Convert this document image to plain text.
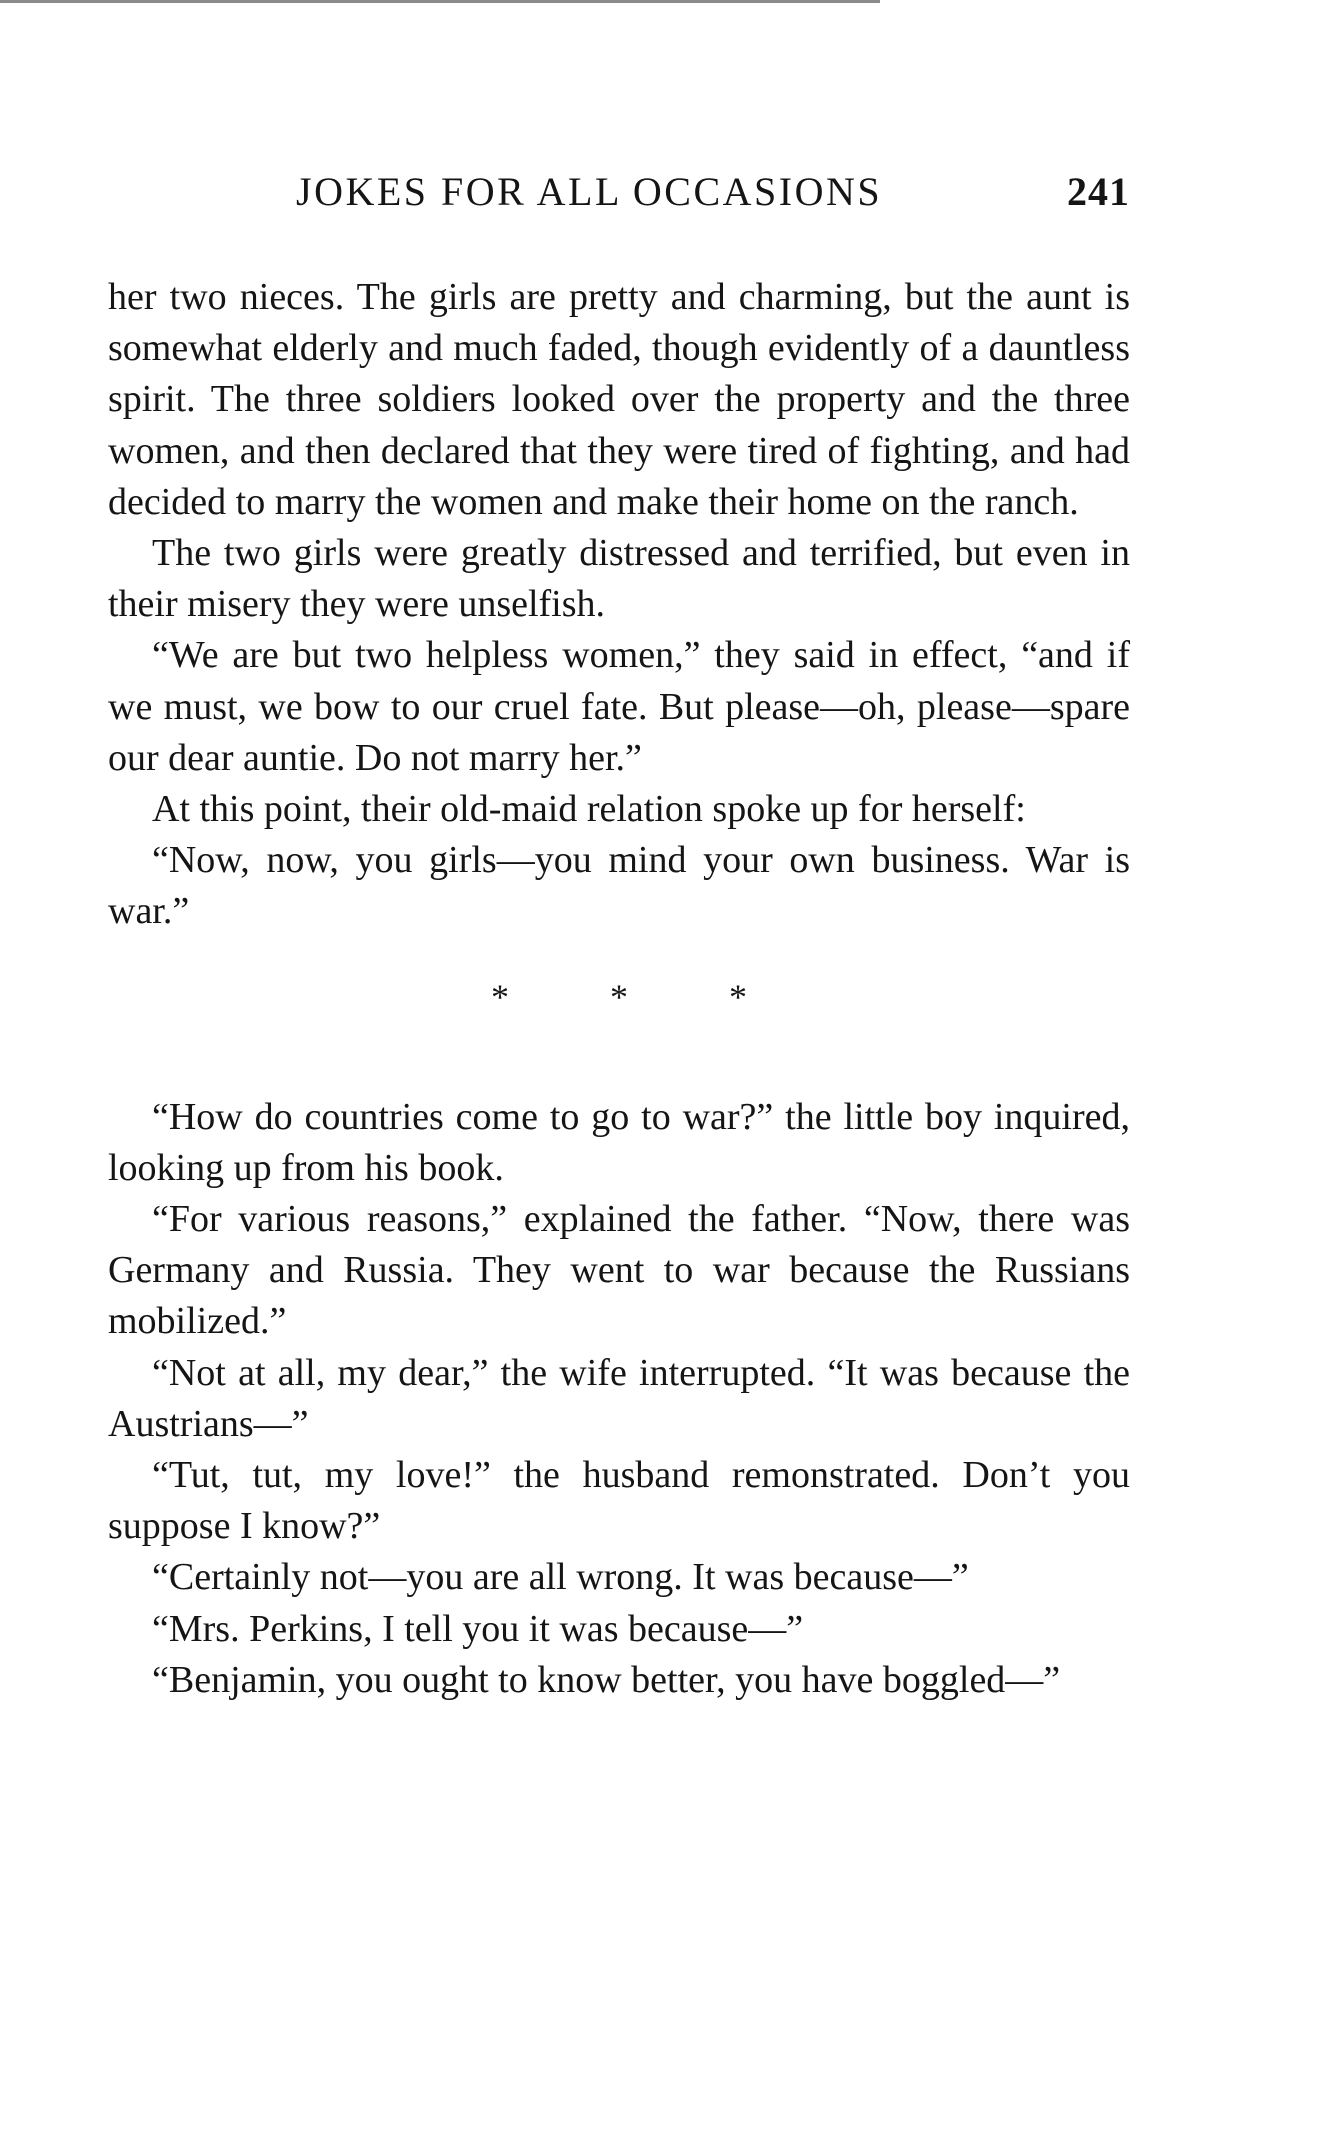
JOKES FOR ALL OCCASIONS	241

her two nieces. The girls are pretty and charming, but the aunt is somewhat elderly and much faded, though evidently of a dauntless spirit. The three soldiers looked over the property and the three women, and then declared that they were tired of fighting, and had decided to marry the women and make their home on the ranch.

The two girls were greatly distressed and terrified, but even in their misery they were unselfish.

“We are but two helpless women,” they said in effect, “and if we must, we bow to our cruel fate. But please—oh, please—spare our dear auntie. Do not marry her.”

At this point, their old-maid relation spoke up for herself:

“Now, now, you girls—you mind your own business. War is war.”

* * *

“How do countries come to go to war?” the little boy inquired, looking up from his book.

“For various reasons,” explained the father. “Now, there was Germany and Russia. They went to war because the Russians mobilized.”

“Not at all, my dear,” the wife interrupted. “It was because the Austrians—”

“Tut, tut, my love!” the husband remonstrated. Don’t you suppose I know?”

“Certainly not—you are all wrong. It was because—”

“Mrs. Perkins, I tell you it was because—”

“Benjamin, you ought to know better, you have boggled—”
